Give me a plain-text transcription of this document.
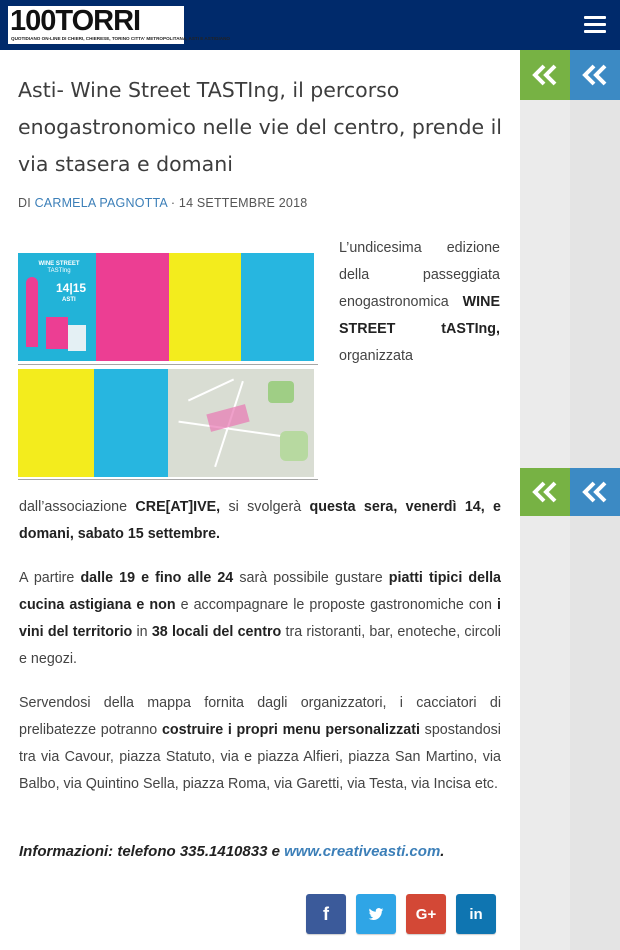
100TORRI
QUOTIDIANO ON-LINE DI CHIERI, CHIERESE, TORINO CITTA' METROPOLITANA, ASTI E ASTIGIANO
Asti- Wine Street TASTIng, il percorso enogastronomico nelle vie del centro, prende il via stasera e domani
DI CARMELA PAGNOTTA · 14 SETTEMBRE 2018
WINE STREET
TASTIng
14|15
ASTI
L’undicesima edizione della passeggiata enogastronomica WINE STREET tASTIng, organizzata

dall’associazione CRE[AT]IVE, si svolgerà questa sera, venerdì 14, e domani, sabato 15 settembre.

A partire dalle 19 e fino alle 24 sarà possibile gustare piatti tipici della cucina astigiana e non e accompagnare le proposte gastronomiche con i vini del territorio in 38 locali del centro tra ristoranti, bar, enoteche, circoli e negozi.

Servendosi della mappa fornita dagli organizzatori, i cacciatori di prelibatezze potranno costruire i propri menu personalizzati spostandosi tra via Cavour, piazza Statuto, via e piazza Alfieri, piazza San Martino, via Balbo, via Quintino Sella, piazza Roma, via Garetti, via Testa, via Incisa etc.

Informazioni: telefono 335.1410833 e www.creativeasti.com.
f	G+ in
